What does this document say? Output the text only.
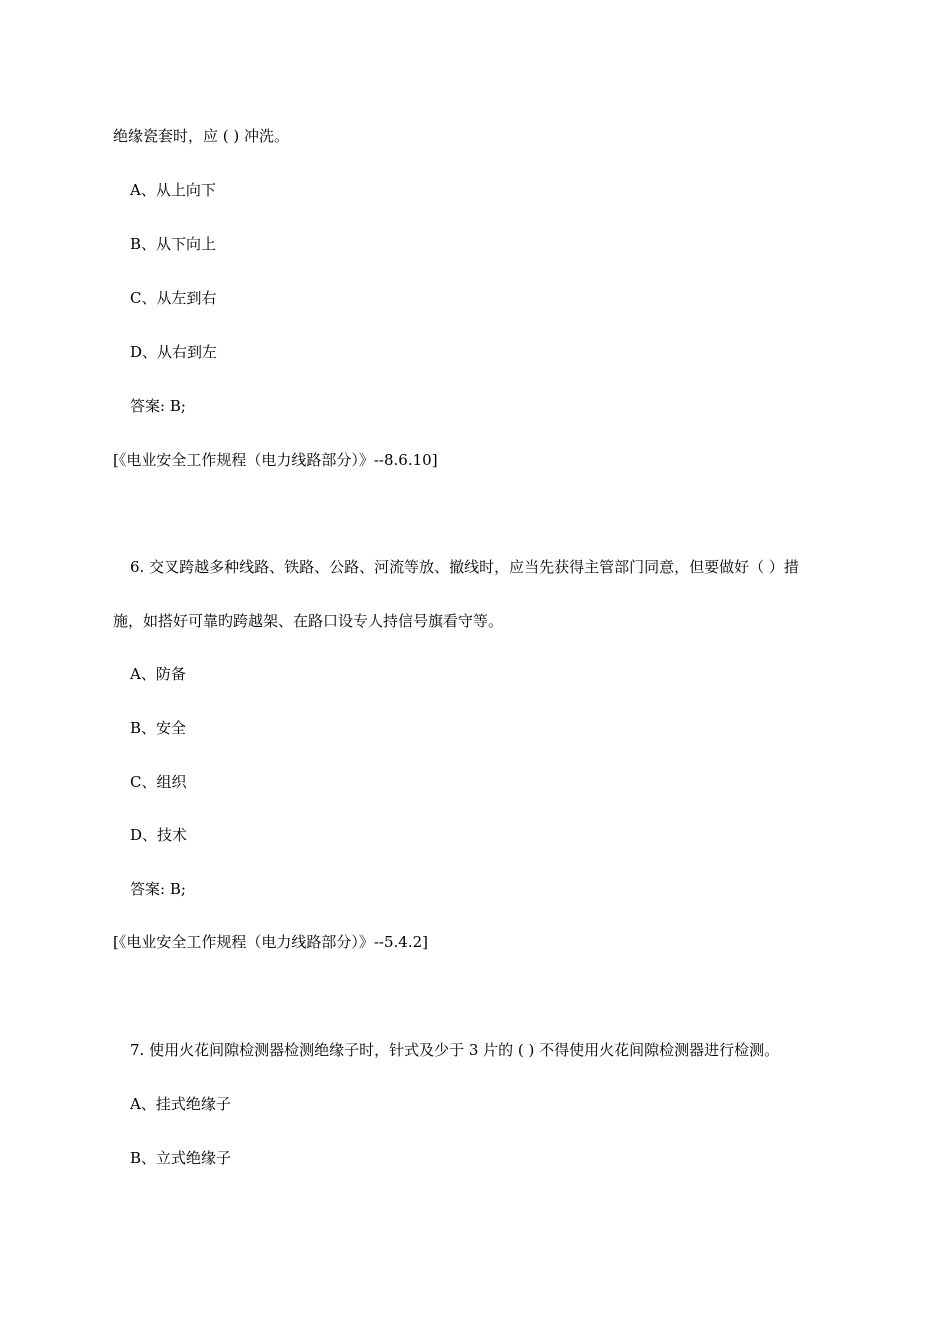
绝缘瓷套时，应 ( ) 冲洗。
A、从上向下
B、从下向上
C、从左到右
D、从右到左
答案: B;
[《电业安全工作规程（电力线路部分）》--8.6.10]
6. 交叉跨越多种线路、铁路、公路、河流等放、撤线时，应当先获得主管部门同意，但要做好（ ）措
施，如搭好可靠旳跨越架、在路口设专人持信号旗看守等。
A、防备
B、安全
C、组织
D、技术
答案: B;
[《电业安全工作规程（电力线路部分）》--5.4.2]
7. 使用火花间隙检测器检测绝缘子时，针式及少于 3 片的 ( ) 不得使用火花间隙检测器进行检测。
A、挂式绝缘子
B、立式绝缘子
